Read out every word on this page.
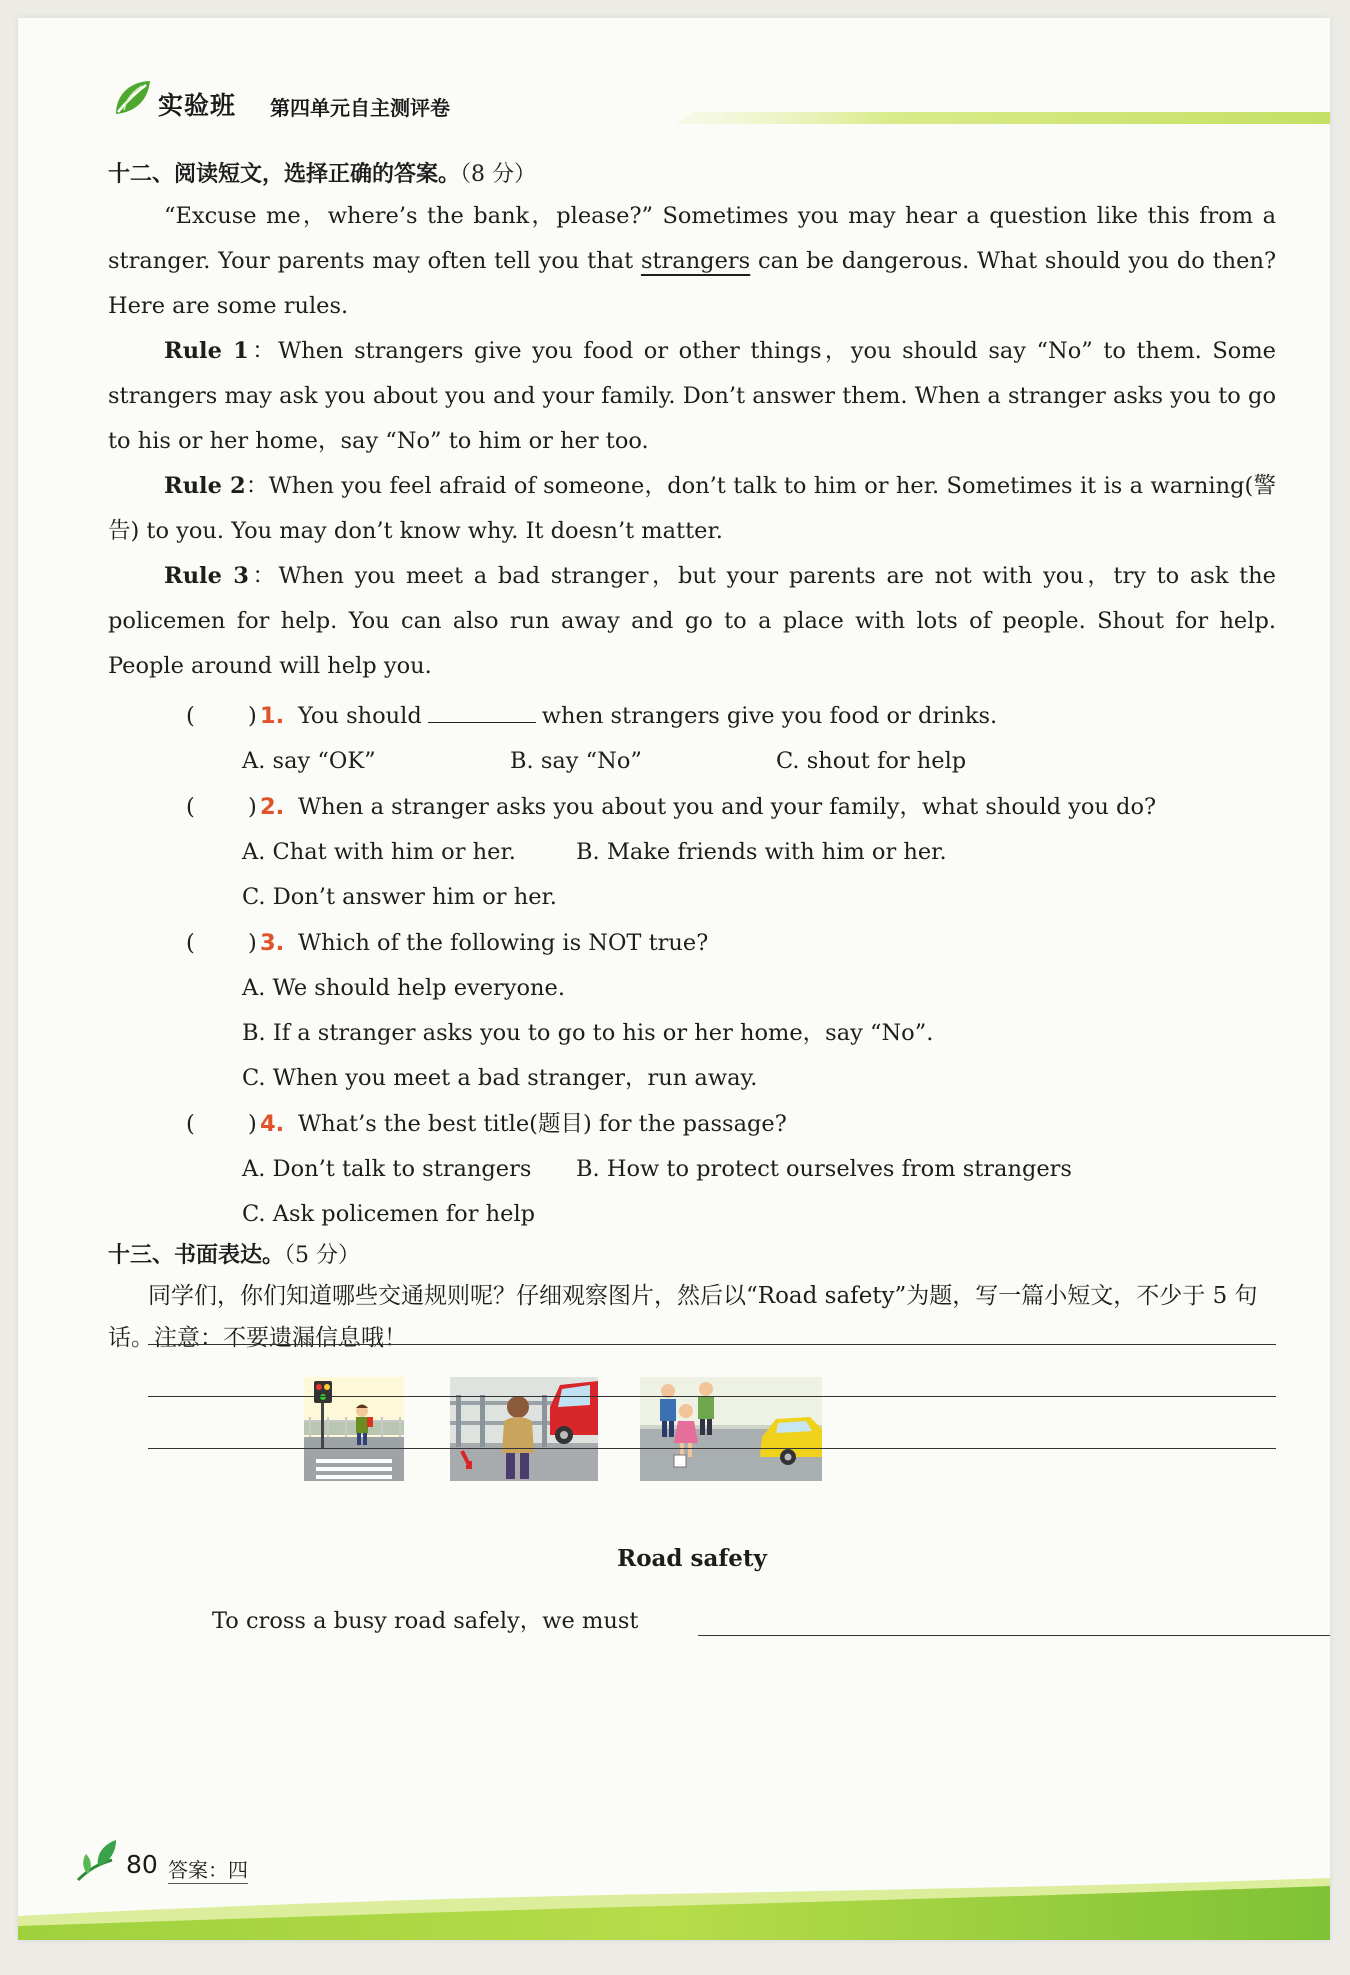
实验班 第四单元自主测评卷

十二、阅读短文，选择正确的答案。（8 分）

“Excuse me，where’s the bank，please?” Sometimes you may hear a question like this from a stranger. Your parents may often tell you that strangers can be dangerous. What should you do then? Here are some rules.

Rule 1：When strangers give you food or other things，you should say “No” to them. Some strangers may ask you about you and your family. Don’t answer them. When a stranger asks you to go to his or her home，say “No” to him or her too.

Rule 2：When you feel afraid of someone，don’t talk to him or her. Sometimes it is a warning(警告) to you. You may don’t know why. It doesn’t matter.

Rule 3：When you meet a bad stranger，but your parents are not with you，try to ask the policemen for help. You can also run away and go to a place with lots of people. Shout for help. People around will help you.

( ) 1. You should	when strangers give you food or drinks.
A. say “OK”	B. say “No”	C. shout for help
( ) 2. When a stranger asks you about you and your family，what should you do?
A. Chat with him or her.	B. Make friends with him or her.
C. Don’t answer him or her.
( ) 3. Which of the following is NOT true?
A. We should help everyone.
B. If a stranger asks you to go to his or her home，say “No”.
C. When you meet a bad stranger，run away.
( ) 4. What’s the best title(题目) for the passage?
A. Don’t talk to strangers B. How to protect ourselves from strangers
C. Ask policemen for help

十三、书面表达。（5 分）

同学们，你们知道哪些交通规则呢？仔细观察图片，然后以“Road safety”为题，写一篇小短文，不少于 5 句话。注意：不要遗漏信息哦！

Road safety
To cross a busy road safely，we must
80 答案：四
